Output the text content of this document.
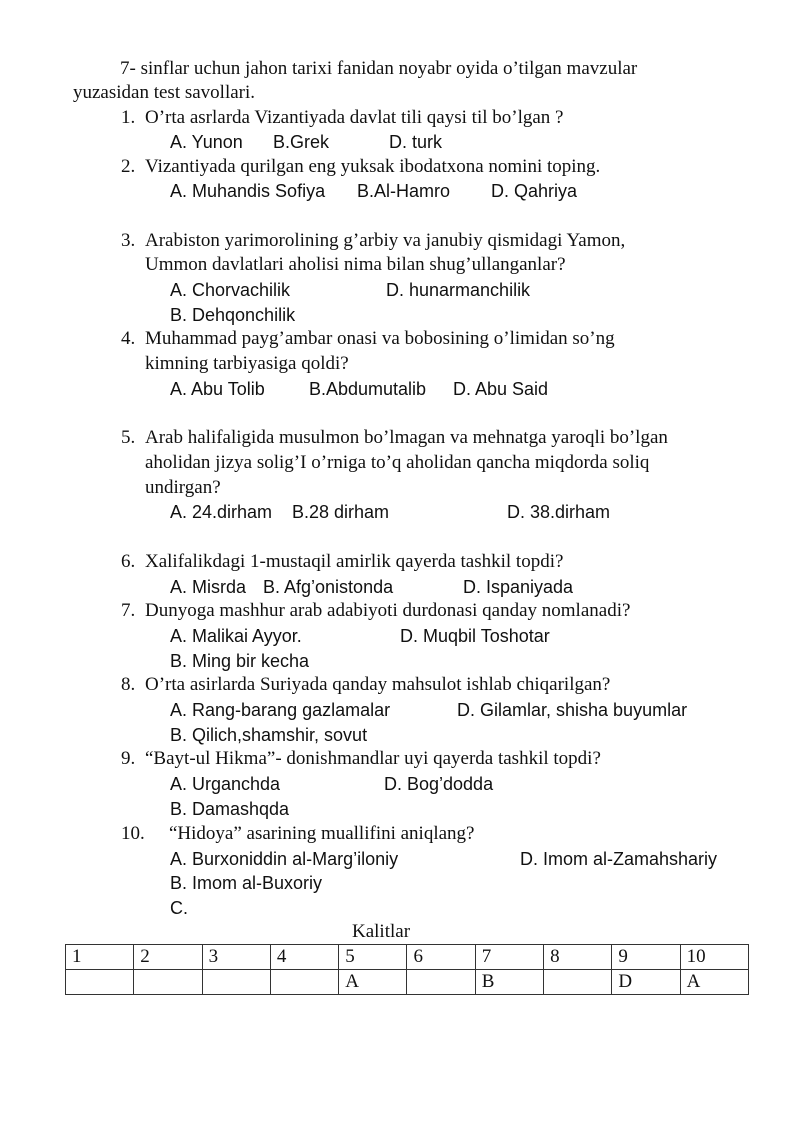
7- sinflar uchun jahon tarixi fanidan noyabr oyida o’tilgan mavzular
yuzasidan test savollari.
1. O’rta asrlarda Vizantiyada davlat tili qaysi til bo’lgan ?
A. Yunon B.Grek	D. turk
2. Vizantiyada qurilgan eng yuksak ibodatxona nomini toping.
A. Muhandis Sofiya B.Al-Hamro D. Qahriya
3. Arabiston yarimorolining g’arbiy va janubiy qismidagi Yamon,
Ummon davlatlari aholisi nima bilan shug’ullanganlar?
A. Chorvachilik	D. hunarmanchilik
B. Dehqonchilik
4. Muhammad payg’ambar onasi va bobosining o’limidan so’ng
kimning tarbiyasiga qoldi?
A. Abu Tolib B.Abdumutalib D. Abu Said
5. Arab halifaligida musulmon bo’lmagan va mehnatga yaroqli bo’lgan
aholidan jizya solig’I o’rniga to’q aholidan qancha miqdorda soliq
undirgan?
A. 24.dirham B.28 dirham	D. 38.dirham
6. Xalifalikdagi 1-mustaqil amirlik qayerda tashkil topdi?
A. Misrda B. Afg’onistonda	D. Ispaniyada
7. Dunyoga mashhur arab adabiyoti durdonasi qanday nomlanadi?
A. Malikai Ayyor.	D. Muqbil Toshotar
B. Ming bir kecha
8. O’rta asirlarda Suriyada qanday mahsulot ishlab chiqarilgan?
A. Rang-barang gazlamalar	D. Gilamlar, shisha buyumlar
B. Qilich,shamshir, sovut
9. “Bayt-ul Hikma”- donishmandlar uyi qayerda tashkil topdi?
A. Urganchda	D. Bog’dodda
B. Damashqda
10. “Hidoya” asarining muallifini aniqlang?
A. Burxoniddin al-Marg’iloniy	D. Imom al-Zamahshariy
B. Imom al-Buxoriy
C.
Kalitlar
1	2	3	4	5	6	7	8	9	10
				A		B		D	A
